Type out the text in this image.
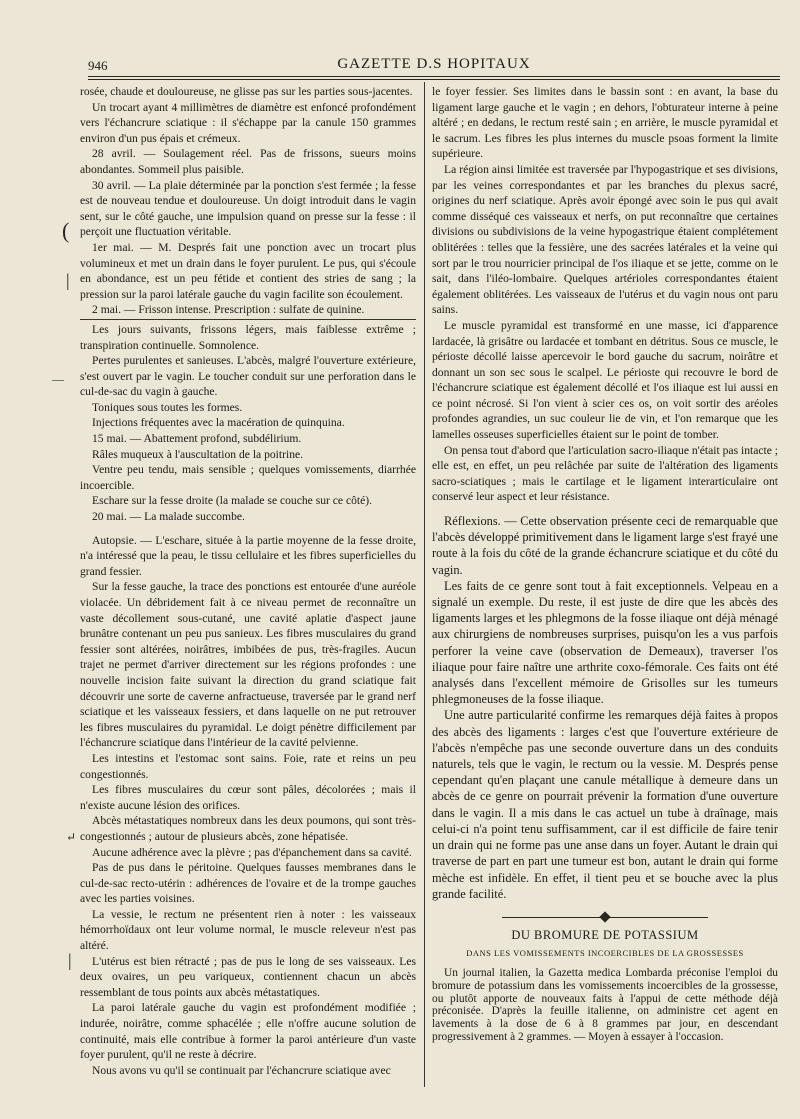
946	GAZETTE D.S HOPITAUX
(
|
—
↵
|

rosée, chaude et douloureuse, ne glisse pas sur les parties sous-jacentes.

Un trocart ayant 4 millimètres de diamètre est enfoncé profondément vers l'échancrure sciatique : il s'échappe par la canule 150 grammes environ d'un pus épais et crémeux.

28 avril. — Soulagement réel. Pas de frissons, sueurs moins abondantes. Sommeil plus paisible.

30 avril. — La plaie déterminée par la ponction s'est fermée ; la fesse est de nouveau tendue et douloureuse. Un doigt introduit dans le vagin sent, sur le côté gauche, une impulsion quand on presse sur la fesse : il perçoit une fluctuation véritable.

1er mai. — M. Després fait une ponction avec un trocart plus volumineux et met un drain dans le foyer purulent. Le pus, qui s'écoule en abondance, est un peu fétide et contient des stries de sang ; la pression sur la paroi latérale gauche du vagin facilite son écoulement.

2 mai. — Frisson intense. Prescription : sulfate de quinine.

Les jours suivants, frissons légers, mais faiblesse extrême ; transpiration continuelle. Somnolence.

Pertes purulentes et sanieuses. L'abcès, malgré l'ouverture extérieure, s'est ouvert par le vagin. Le toucher conduit sur une perforation dans le cul-de-sac du vagin à gauche.

Toniques sous toutes les formes.

Injections fréquentes avec la macération de quinquina.

15 mai. — Abattement profond, subdélirium.

Râles muqueux à l'auscultation de la poitrine.

Ventre peu tendu, mais sensible ; quelques vomissements, diarrhée incoercible.

Eschare sur la fesse droite (la malade se couche sur ce côté).

20 mai. — La malade succombe.

Autopsie. — L'eschare, située à la partie moyenne de la fesse droite, n'a intéressé que la peau, le tissu cellulaire et les fibres superficielles du grand fessier.

Sur la fesse gauche, la trace des ponctions est entourée d'une auréole violacée. Un débridement fait à ce niveau permet de reconnaître un vaste décollement sous-cutané, une cavité aplatie d'aspect jaune brunâtre contenant un peu pus sanieux. Les fibres musculaires du grand fessier sont altérées, noirâtres, imbibées de pus, très-fragiles. Aucun trajet ne permet d'arriver directement sur les régions profondes : une nouvelle incision faite suivant la direction du grand sciatique fait découvrir une sorte de caverne anfractueuse, traversée par le grand nerf sciatique et les vaisseaux fessiers, et dans laquelle on ne put retrouver les fibres musculaires du pyramidal. Le doigt pénètre difficilement par l'échancrure sciatique dans l'intérieur de la cavité pelvienne.

Les intestins et l'estomac sont sains. Foie, rate et reins un peu congestionnés.

Les fibres musculaires du cœur sont pâles, décolorées ; mais il n'existe aucune lésion des orifices.

Abcès métastatiques nombreux dans les deux poumons, qui sont très-congestionnés ; autour de plusieurs abcès, zone hépatisée.

Aucune adhérence avec la plèvre ; pas d'épanchement dans sa cavité.

Pas de pus dans le péritoine. Quelques fausses membranes dans le cul-de-sac recto-utérin : adhérences de l'ovaire et de la trompe gauches avec les parties voisines.

La vessie, le rectum ne présentent rien à noter : les vaisseaux hémorrhoïdaux ont leur volume normal, le muscle releveur n'est pas altéré.

L'utérus est bien rétracté ; pas de pus le long de ses vaisseaux. Les deux ovaires, un peu variqueux, contiennent chacun un abcès ressemblant de tous points aux abcès métastatiques.

La paroi latérale gauche du vagin est profondément modifiée ; indurée, noirâtre, comme sphacélée ; elle n'offre aucune solution de continuité, mais elle contribue à former la paroi antérieure d'un vaste foyer purulent, qu'il ne reste à décrire.

Nous avons vu qu'il se continuait par l'échancrure sciatique avec

le foyer fessier. Ses limites dans le bassin sont : en avant, la base du ligament large gauche et le vagin ; en dehors, l'obturateur interne à peine altéré ; en dedans, le rectum resté sain ; en arrière, le muscle pyramidal et le sacrum. Les fibres les plus internes du muscle psoas forment la limite supérieure.

La région ainsi limitée est traversée par l'hypogastrique et ses divisions, par les veines correspondantes et par les branches du plexus sacré, origines du nerf sciatique. Après avoir épongé avec soin le pus qui avait comme disséqué ces vaisseaux et nerfs, on put reconnaître que certaines divisions ou subdivisions de la veine hypogastrique étaient complétement oblitérées : telles que la fessière, une des sacrées latérales et la veine qui sort par le trou nourricier principal de l'os iliaque et se jette, comme on le sait, dans l'iléo-lombaire. Quelques artérioles correspondantes étaient également oblitérées. Les vaisseaux de l'utérus et du vagin nous ont paru sains.

Le muscle pyramidal est transformé en une masse, ici d'apparence lardacée, là grisâtre ou lardacée et tombant en détritus. Sous ce muscle, le périoste décollé laisse apercevoir le bord gauche du sacrum, noirâtre et donnant un son sec sous le scalpel. Le périoste qui recouvre le bord de l'échancrure sciatique est également décollé et l'os iliaque est lui aussi en ce point nécrosé. Si l'on vient à scier ces os, on voit sortir des aréoles profondes agrandies, un suc couleur lie de vin, et l'on remarque que les lamelles osseuses superficielles étaient sur le point de tomber.

On pensa tout d'abord que l'articulation sacro-iliaque n'était pas intacte ; elle est, en effet, un peu relâchée par suite de l'altération des ligaments sacro-sciatiques ; mais le cartilage et le ligament interarticulaire ont conservé leur aspect et leur résistance.

Réflexions. — Cette observation présente ceci de remarquable que l'abcès développé primitivement dans le ligament large s'est frayé une route à la fois du côté de la grande échancrure sciatique et du côté du vagin.

Les faits de ce genre sont tout à fait exceptionnels. Velpeau en a signalé un exemple. Du reste, il est juste de dire que les abcès des ligaments larges et les phlegmons de la fosse iliaque ont déjà ménagé aux chirurgiens de nombreuses surprises, puisqu'on les a vus parfois perforer la veine cave (observation de Demeaux), traverser l'os iliaque pour faire naître une arthrite coxo-fémorale. Ces faits ont été analysés dans l'excellent mémoire de Grisolles sur les tumeurs phlegmoneuses de la fosse iliaque.

Une autre particularité confirme les remarques déjà faites à propos des abcès des ligaments : larges c'est que l'ouverture extérieure de l'abcès n'empêche pas une seconde ouverture dans un des conduits naturels, tels que le vagin, le rectum ou la vessie. M. Després pense cependant qu'en plaçant une canule métallique à demeure dans un abcès de ce genre on pourrait prévenir la formation d'une ouverture dans le vagin. Il a mis dans le cas actuel un tube à draînage, mais celui-ci n'a point tenu suffisamment, car il est difficile de faire tenir un drain qui ne forme pas une anse dans un foyer. Autant le drain qui traverse de part en part une tumeur est bon, autant le drain qui forme mèche est infidèle. En effet, il tient peu et se bouche avec la plus grande facilité.

DU BROMURE DE POTASSIUM
DANS LES VOMISSEMENTS INCOERCIBLES DE LA GROSSESSES

Un journal italien, la Gazetta medica Lombarda préconise l'emploi du bromure de potassium dans les vomissements incoercibles de la grossesse, ou plutôt apporte de nouveaux faits à l'appui de cette méthode déjà préconisée. D'après la feuille italienne, on administre cet agent en lavements à la dose de 6 à 8 grammes par jour, en descendant progressivement à 2 grammes. — Moyen à essayer à l'occasion.
